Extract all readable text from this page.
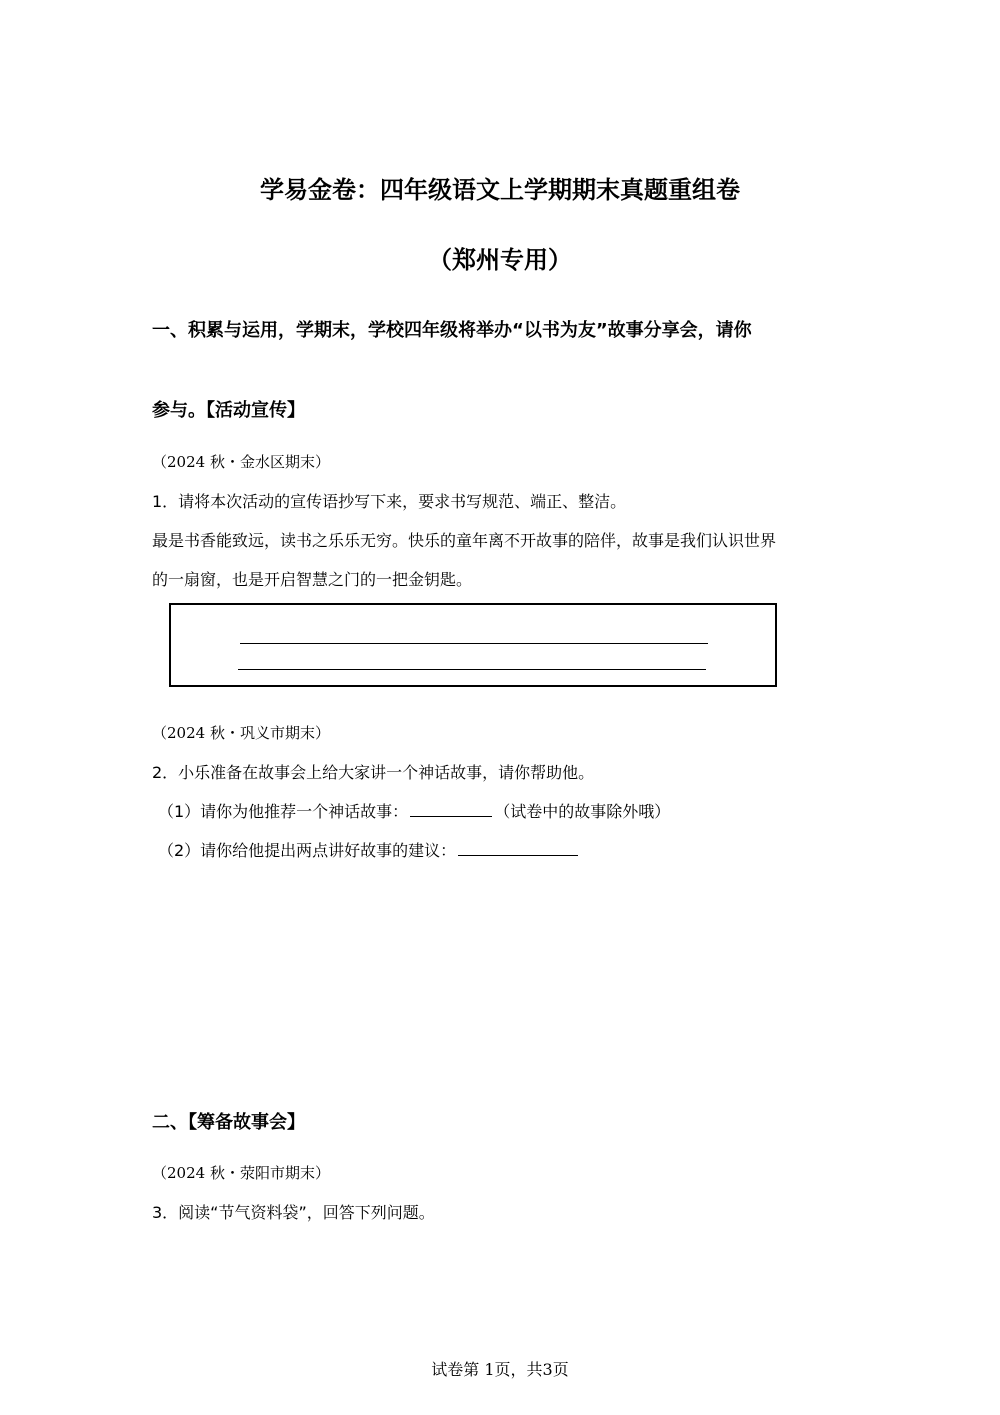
学易金卷：四年级语文上学期期末真题重组卷
（郑州专用）
一、积累与运用，学期末，学校四年级将举办“以书为友”故事分享会，请你
参与。【活动宣传】
（2024 秋・金水区期末）
1．请将本次活动的宣传语抄写下来，要求书写规范、端正、整洁。
最是书香能致远，读书之乐乐无穷。快乐的童年离不开故事的陪伴，故事是我们认识世界
的一扇窗，也是开启智慧之门的一把金钥匙。
（2024 秋・巩义市期末）
2．小乐准备在故事会上给大家讲一个神话故事，请你帮助他。
（1）请你为他推荐一个神话故事：	（试卷中的故事除外哦）
（2）请你给他提出两点讲好故事的建议：
二、【筹备故事会】
（2024 秋・荥阳市期末）
3．阅读“节气资料袋”，回答下列问题。
试卷第 1页，共3页
